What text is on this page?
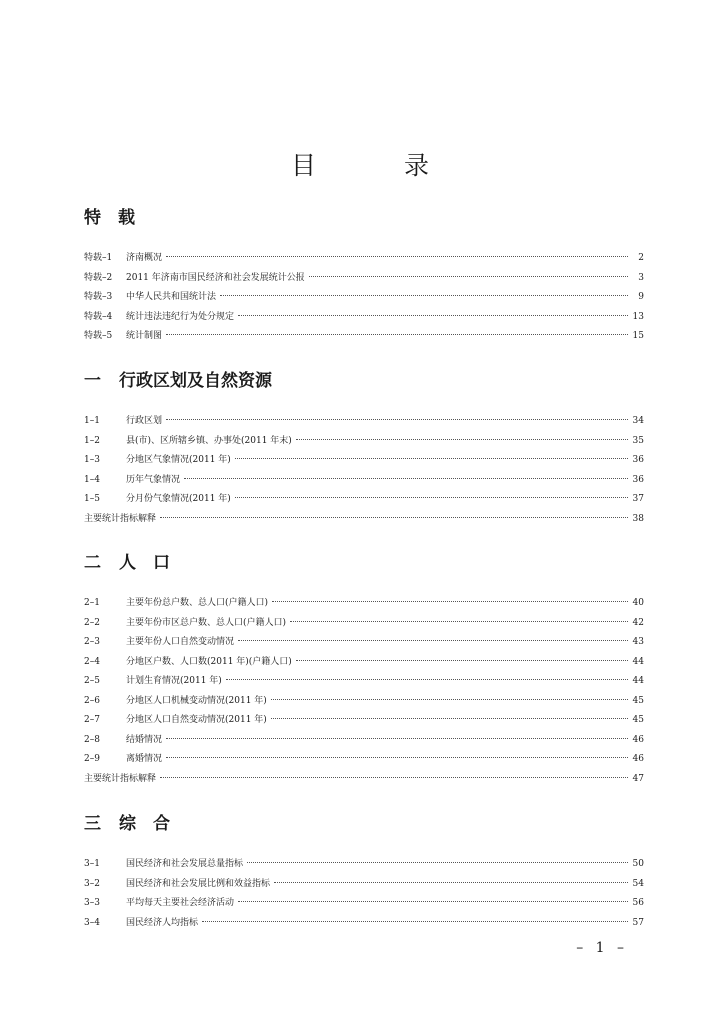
目 录
特　载
特载–1	济南概况	2
特载–2	2011 年济南市国民经济和社会发展统计公报	3
特载–3	中华人民共和国统计法	9
特载–4	统计违法违纪行为处分规定	13
特载–5	统计制图	15
一 行政区划及自然资源
1–1	行政区划	34
1–2	县(市)、区所辖乡镇、办事处(2011 年末)	35
1–3	分地区气象情况(2011 年)	36
1–4	历年气象情况	36
1–5	分月份气象情况(2011 年)	37
主要统计指标解释	38
二 人　口
2–1	主要年份总户数、总人口(户籍人口)	40
2–2	主要年份市区总户数、总人口(户籍人口)	42
2–3	主要年份人口自然变动情况	43
2–4	分地区户数、人口数(2011 年)(户籍人口)	44
2–5	计划生育情况(2011 年)	44
2–6	分地区人口机械变动情况(2011 年)	45
2–7	分地区人口自然变动情况(2011 年)	45
2–8	结婚情况	46
2–9	离婚情况	46
主要统计指标解释	47
三 综　合
3–1	国民经济和社会发展总量指标	50
3–2	国民经济和社会发展比例和效益指标	54
3–3	平均每天主要社会经济活动	56
3–4	国民经济人均指标	57
– 1 –
